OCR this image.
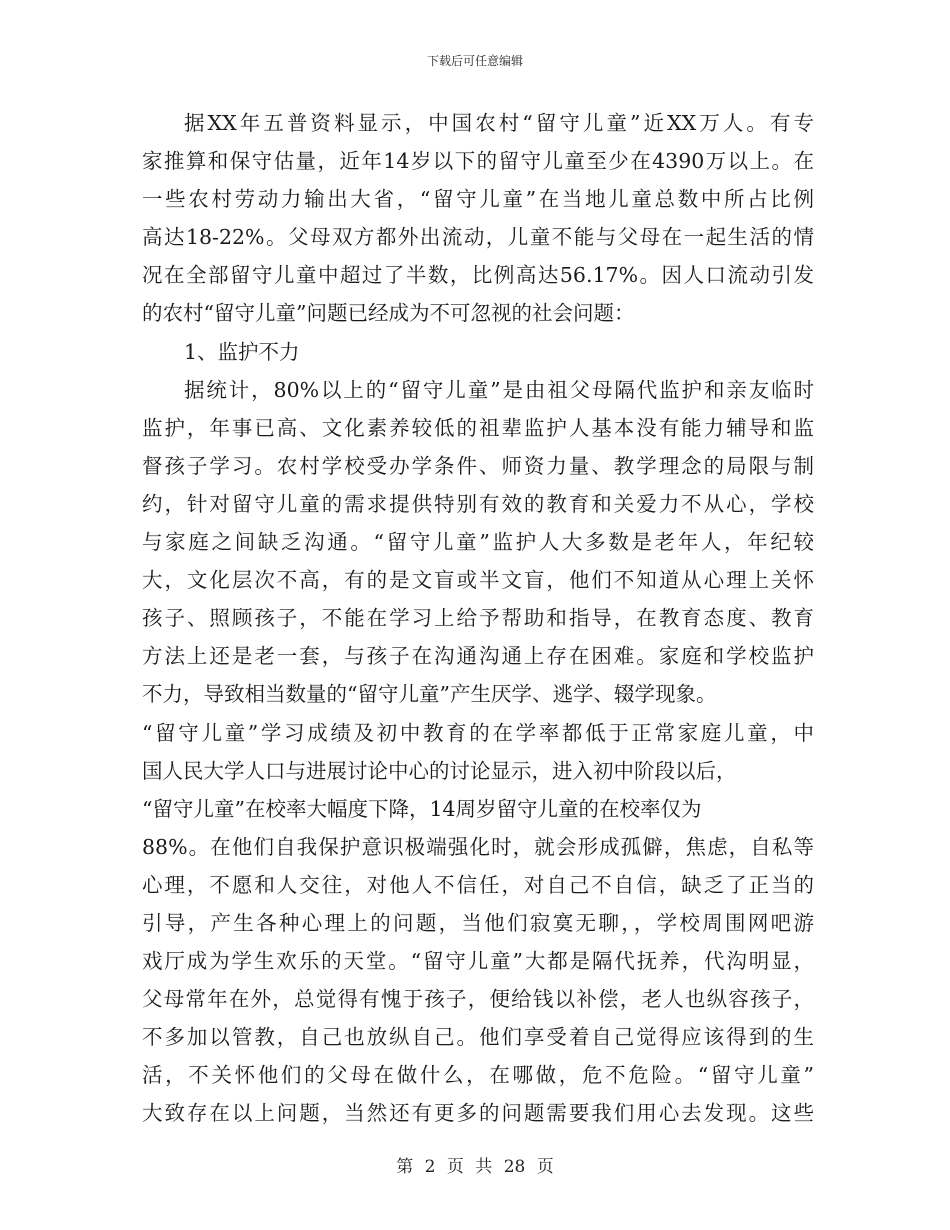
下载后可任意编辑
据XX年五普资料显示，中国农村“留守儿童”近XX万人。有专
家推算和保守估量，近年14岁以下的留守儿童至少在4390万以上。在
一些农村劳动力输出大省，“留守儿童”在当地儿童总数中所占比例
高达18-22%。父母双方都外出流动，儿童不能与父母在一起生活的情
况在全部留守儿童中超过了半数，比例高达56.17%。因人口流动引发
的农村“留守儿童”问题已经成为不可忽视的社会问题：
1、监护不力
据统计，80%以上的“留守儿童”是由祖父母隔代监护和亲友临时
监护，年事已高、文化素养较低的祖辈监护人基本没有能力辅导和监
督孩子学习。农村学校受办学条件、师资力量、教学理念的局限与制
约，针对留守儿童的需求提供特别有效的教育和关爱力不从心，学校
与家庭之间缺乏沟通。“留守儿童”监护人大多数是老年人，年纪较
大，文化层次不高，有的是文盲或半文盲，他们不知道从心理上关怀
孩子、照顾孩子，不能在学习上给予帮助和指导，在教育态度、教育
方法上还是老一套，与孩子在沟通沟通上存在困难。家庭和学校监护
不力，导致相当数量的“留守儿童”产生厌学、逃学、辍学现象。
“留守儿童”学习成绩及初中教育的在学率都低于正常家庭儿童，中
国人民大学人口与进展讨论中心的讨论显示，进入初中阶段以后，
“留守儿童”在校率大幅度下降，14周岁留守儿童的在校率仅为
88%。在他们自我保护意识极端强化时，就会形成孤僻，焦虑，自私等
心理，不愿和人交往，对他人不信任，对自己不自信，缺乏了正当的
引导，产生各种心理上的问题，当他们寂寞无聊，，学校周围网吧游
戏厅成为学生欢乐的天堂。“留守儿童”大都是隔代抚养，代沟明显，
父母常年在外，总觉得有愧于孩子，便给钱以补偿，老人也纵容孩子，
不多加以管教，自己也放纵自己。他们享受着自己觉得应该得到的生
活，不关怀他们的父母在做什么，在哪做，危不危险。“留守儿童”
大致存在以上问题，当然还有更多的问题需要我们用心去发现。这些
第 2 页 共 28 页
